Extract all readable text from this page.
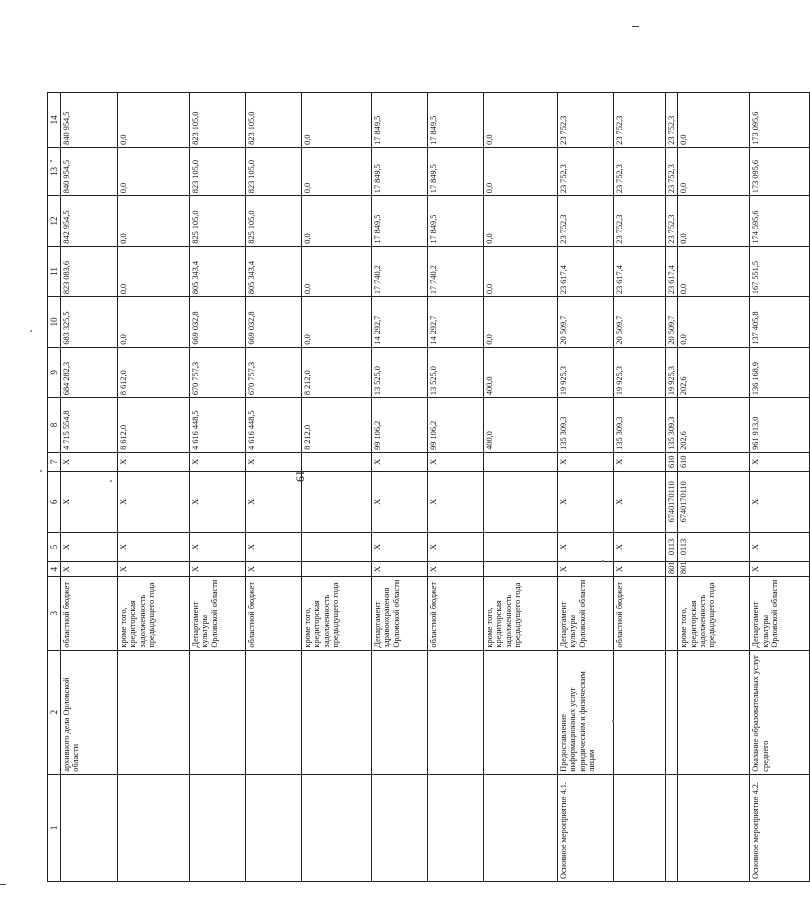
19
1	2	3	4	5	6	7	8	9	10	11	12	13	14
	архивного дела Орловской области	областной бюджет	X	X	X	X	4 715 554,8	684 282,3	683 325,5	823 083,6	842 954,5	840 954,5	840 954,5
		кроме того, кредиторская задолженность предыдущего года	X	X	X	X	8 612,0	8 612,0	0,0	0,0	0,0	0,0	0,0
		Департамент культуры Орловской области	X	X	X	X	4 616 448,5	670 757,3	669 032,8	805 343,4	825 105,0	823 105,0	823 105,0
		областной бюджет	X	X	X	X	4 616 448,5	670 757,3	669 032,8	805 343,4	825 105,0	823 105,0	823 105,0
		кроме того, кредиторская задолженность предыдущего года					8 212,0	8 212,0	0,0	0,0	0,0	0,0	0,0
		Департамент здравоохранения Орловской области	X	X	X	X	99 106,2	13 525,0	14 292,7	17 740,2	17 849,5	17 849,5	17 849,5
		областной бюджет	X	X	X	X	99 106,2	13 525,0	14 292,7	17 740,2	17 849,5	17 849,5	17 849,5
		кроме того, кредиторская задолженность предыдущего года					400,0	400,0	0,0	0,0	0,0	0,0	0,0
Основное мероприятие 4.1.	Предоставление информационных услуг юридическим и физическим лицам	Департамент культуры Орловской области	X	X	X	X	135 309,3	19 925,3	20 509,7	23 617,4	23 752,3	23 752,3	23 752,3
		областной бюджет	X	X	X	X	135 309,3	19 925,3	20 509,7	23 617,4	23 752,3	23 752,3	23 752,3
			801	0113	6740170110	610	135 309,3	19 925,3	20 509,7	23 617,4	23 752,3	23 752,3	23 752,3
		кроме того, кредиторская задолженность предыдущего года	801	0113	6740170110	610	202,6	202,6	0,0	0,0	0,0	0,0	0,0
Основное мероприятие 4.2.	Оказание образовательных услуг среднего	Департамент культуры Орловской области	X	X	X	X	961 913,0	136 168,9	137 405,8	167 551,5	174 595,6	173 095,6	173 095,6
